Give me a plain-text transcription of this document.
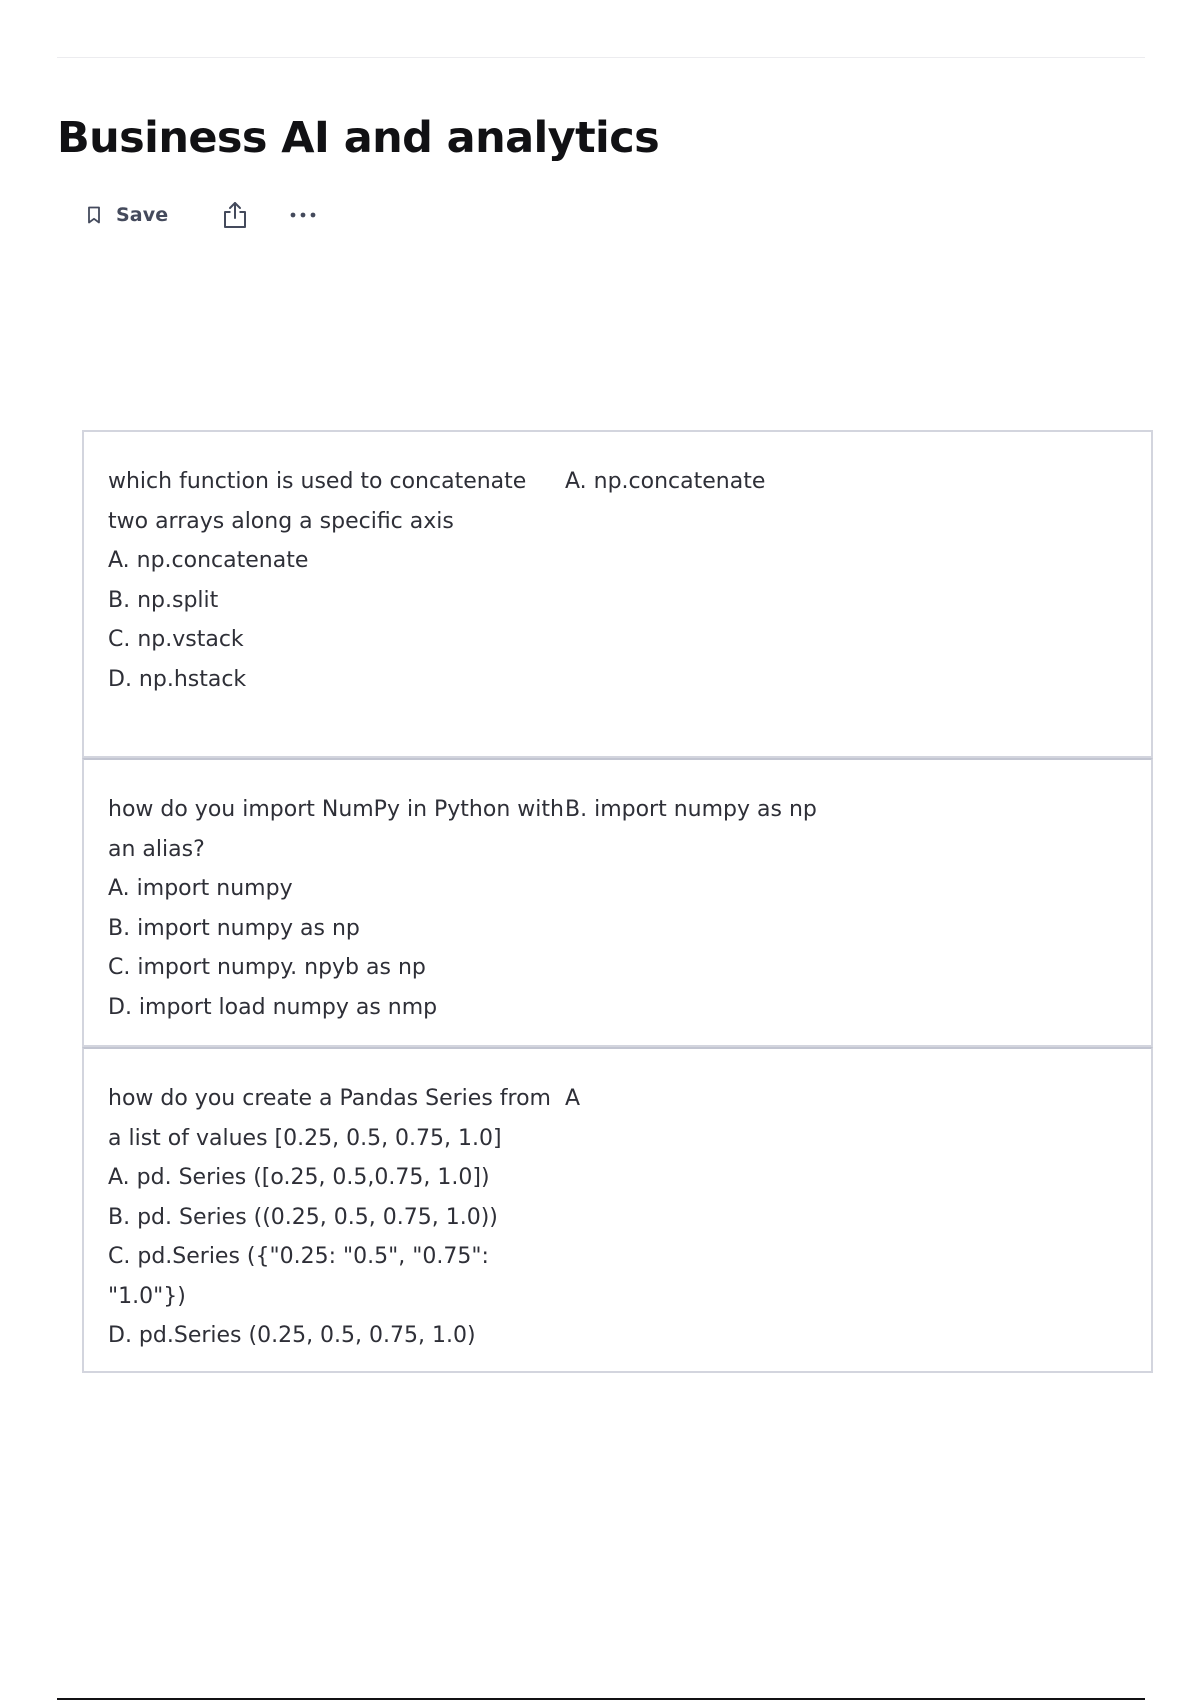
Business AI and analytics
Save
which function is used to concatenate two arrays along a specific axis
A. np.concatenate
B. np.split
C. np.vstack
D. np.hstack
A. np.concatenate
how do you import NumPy in Python with an alias?
A. import numpy
B. import numpy as np
C. import numpy. npyb as np
D. import load numpy as nmp
B. import numpy as np
how do you create a Pandas Series from a list of values [0.25, 0.5, 0.75, 1.0]
A. pd. Series ([o.25, 0.5,0.75, 1.0])
B. pd. Series ((0.25, 0.5, 0.75, 1.0))
C. pd.Series ({"0.25: "0.5", "0.75": "1.0"})
D. pd.Series (0.25, 0.5, 0.75, 1.0)
A
